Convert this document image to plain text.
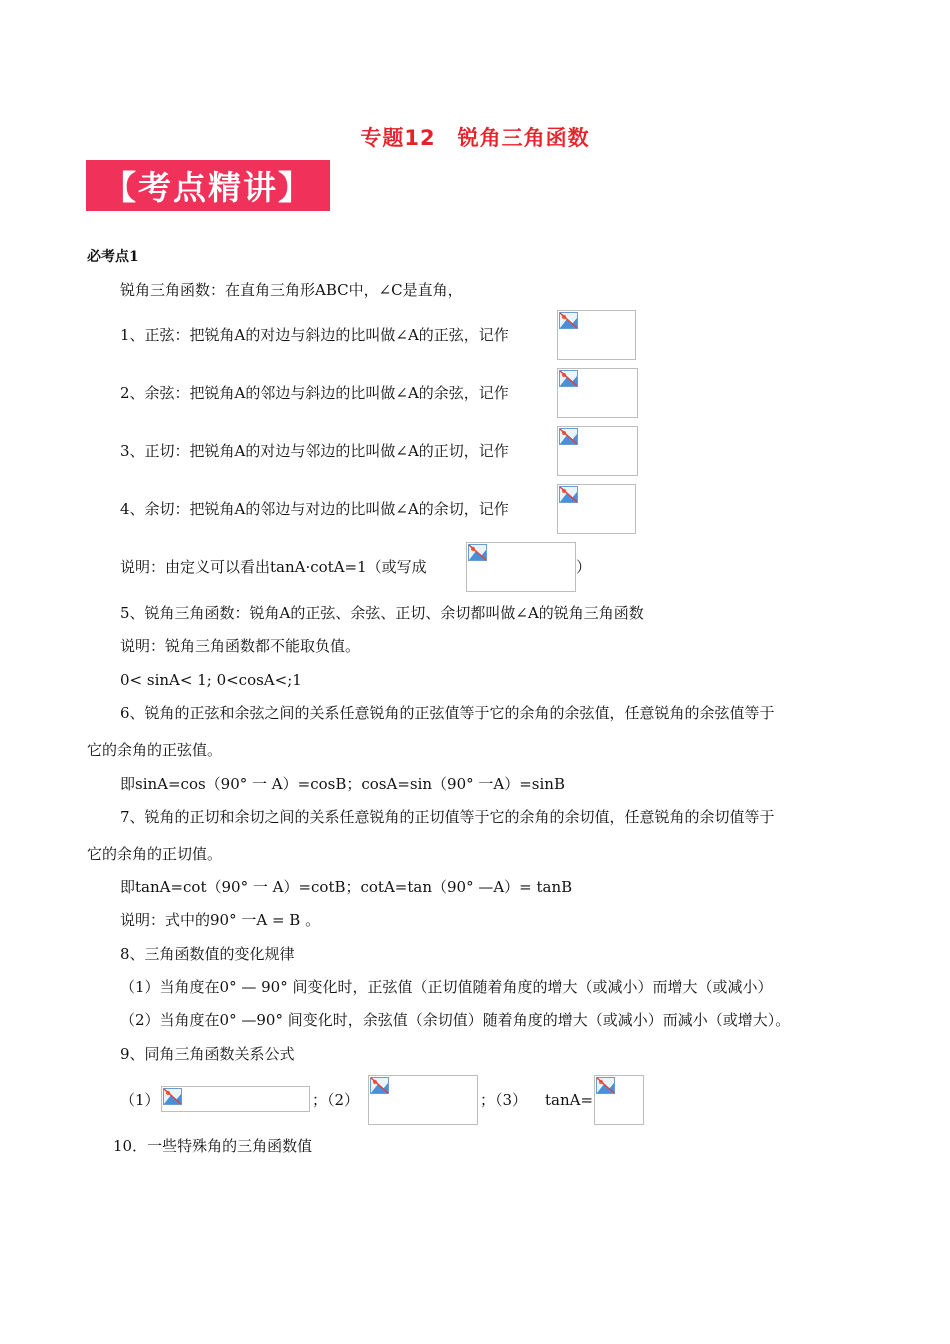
专题12　锐角三角函数
【考点精讲】
必考点1
锐角三角函数：在直角三角形ABC中，∠C是直角，
1、正弦：把锐角A的对边与斜边的比叫做∠A的正弦，记作
2、余弦：把锐角A的邻边与斜边的比叫做∠A的余弦，记作
3、正切：把锐角A的对边与邻边的比叫做∠A的正切，记作
4、余切：把锐角A的邻边与对边的比叫做∠A的余切，记作
说明：由定义可以看出tanA·cotA=1（或写成	）
5、锐角三角函数：锐角A的正弦、余弦、正切、余切都叫做∠A的锐角三角函数
说明：锐角三角函数都不能取负值。
0< sinA< 1; 0<cosA<;1
6、锐角的正弦和余弦之间的关系任意锐角的正弦值等于它的余角的余弦值，任意锐角的余弦值等于
它的余角的正弦值。
即sinA=cos（90° 一 A）=cosB；cosA=sin（90° 一A）=sinB
7、锐角的正切和余切之间的关系任意锐角的正切值等于它的余角的余切值，任意锐角的余切值等于
它的余角的正切值。
即tanA=cot（90° 一 A）=cotB；cotA=tan（90° —A）= tanB
说明：式中的90° 一A = B 。
8、三角函数值的变化规律
（1）当角度在0° — 90° 间变化时，正弦值（正切值随着角度的增大（或减小）而增大（或减小）
（2）当角度在0° —90° 间变化时，余弦值（余切值）随着角度的增大（或减小）而减小（或增大）。
9、同角三角函数关系公式
（1）	；（2）	；（3） tanA=
10．一些特殊角的三角函数值
